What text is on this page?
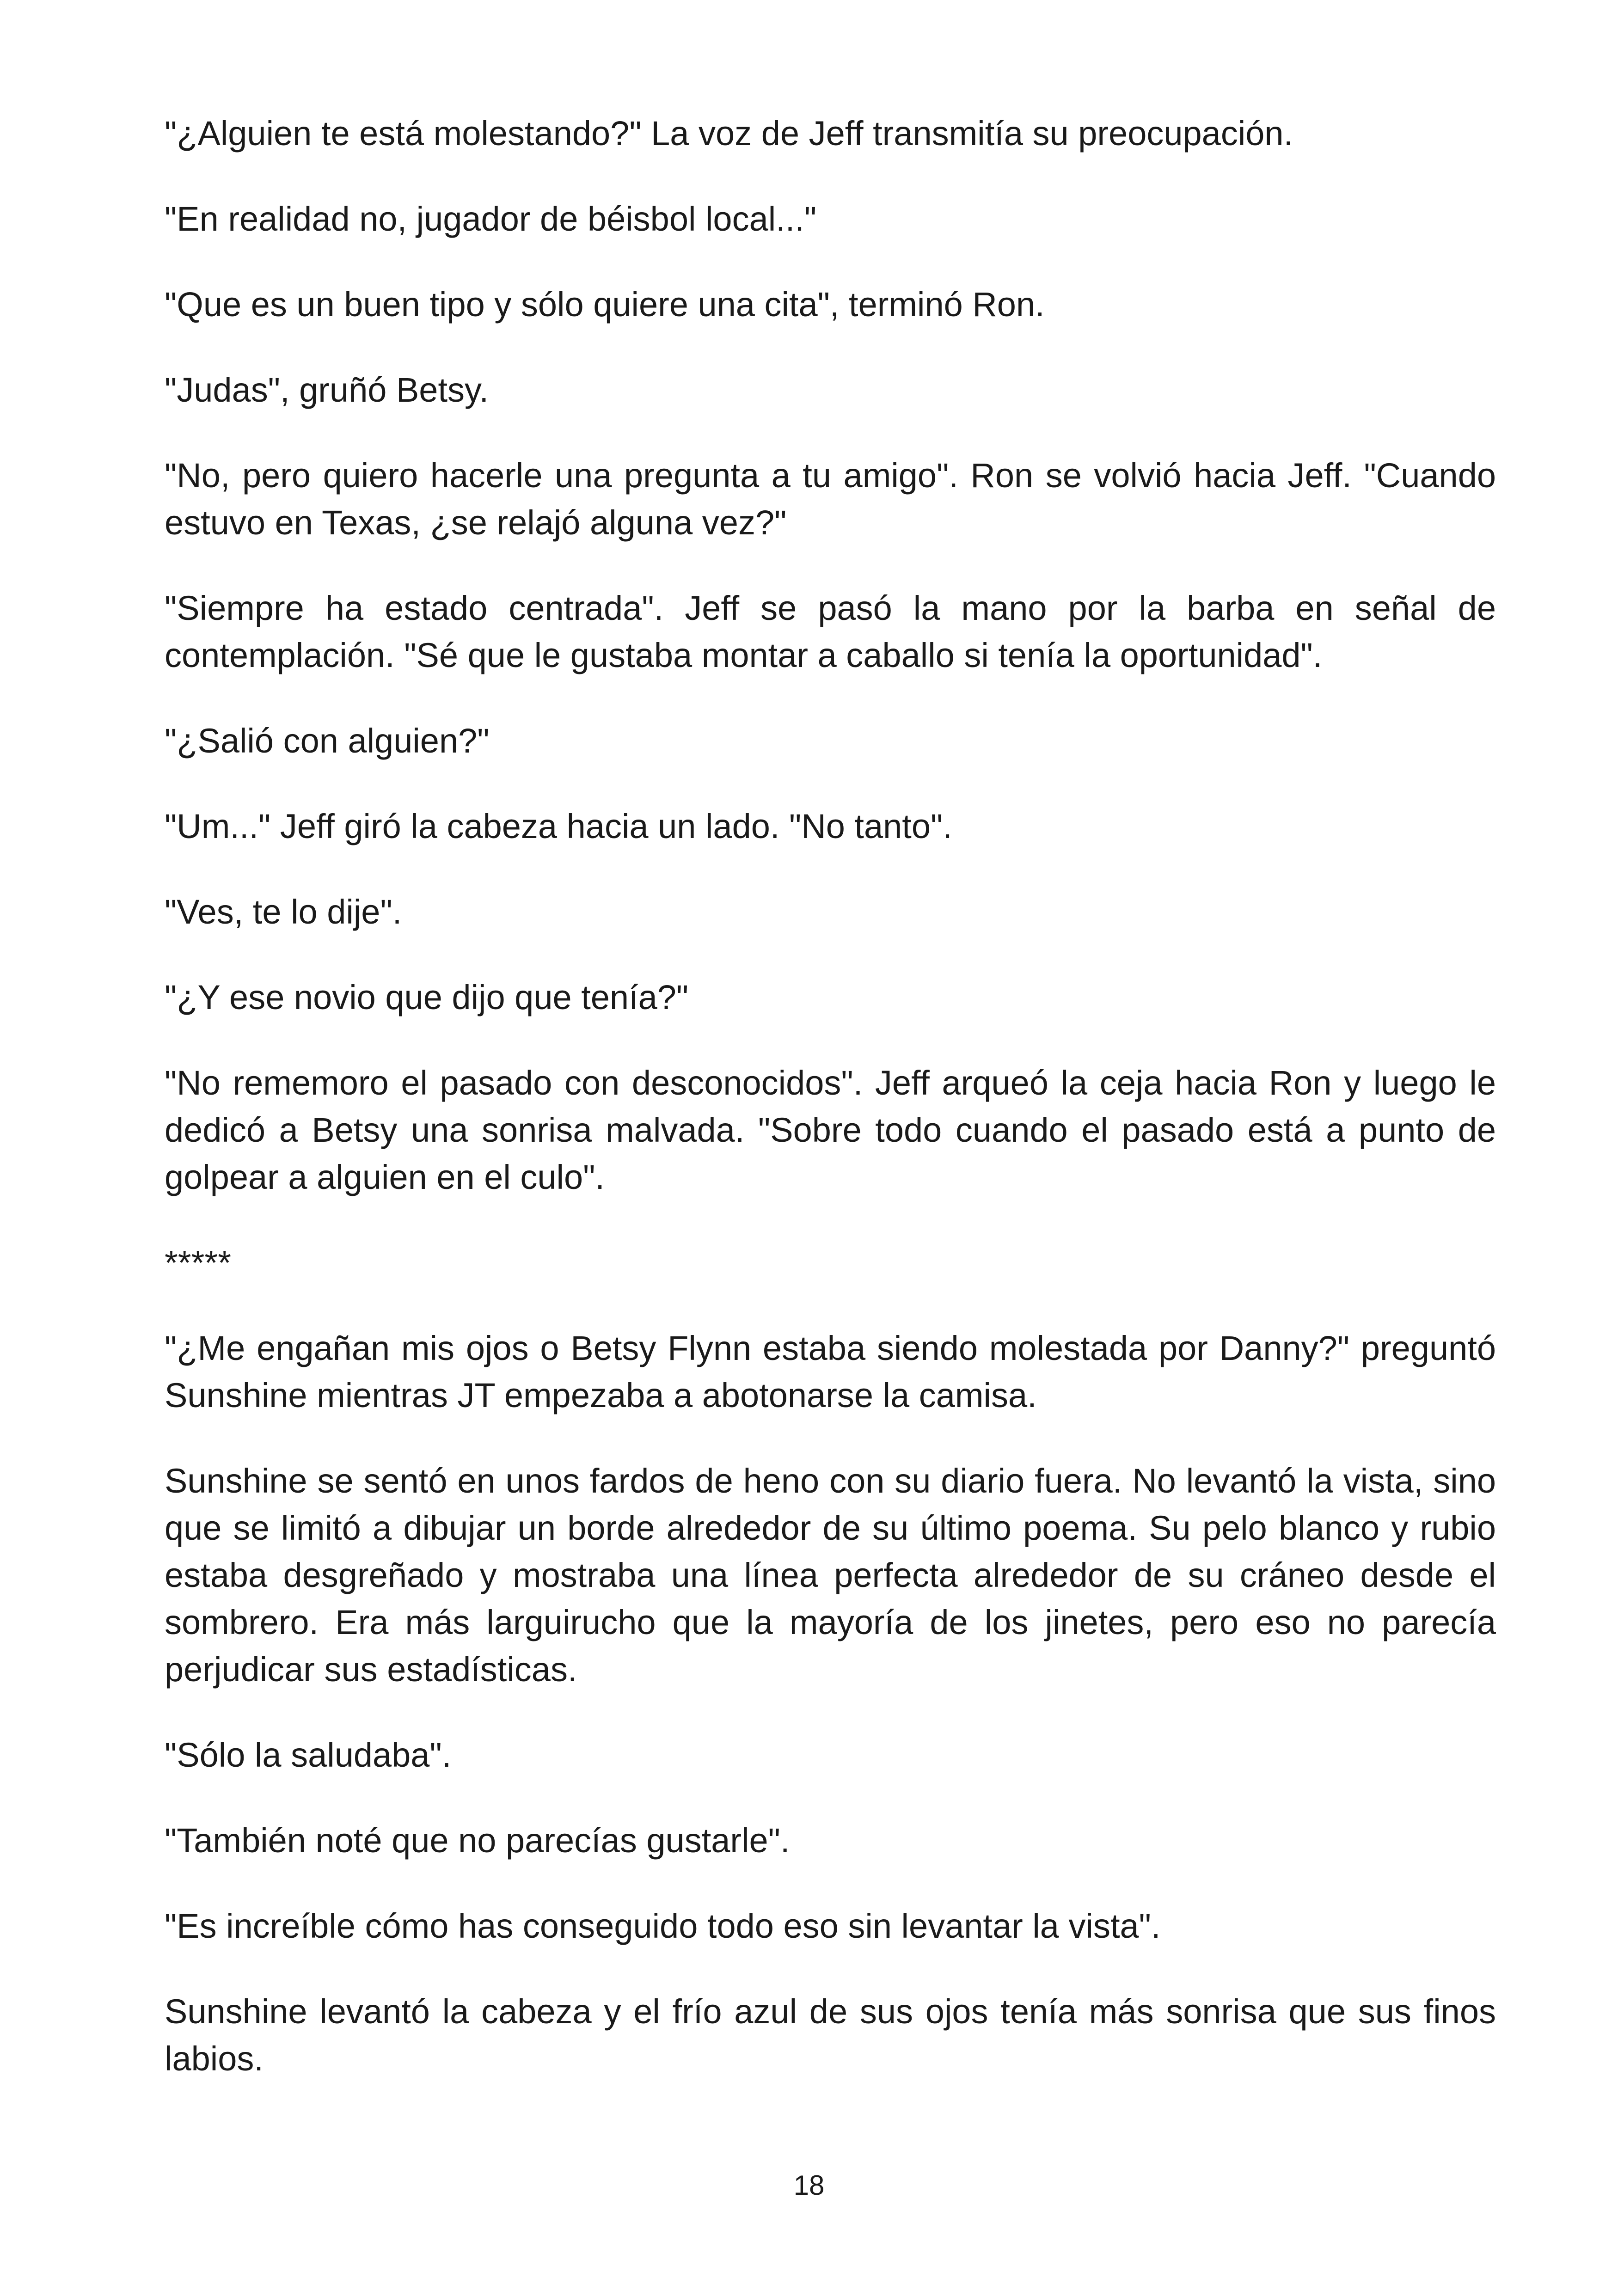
"¿Alguien te está molestando?" La voz de Jeff transmitía su preocupación.

"En realidad no, jugador de béisbol local..."

"Que es un buen tipo y sólo quiere una cita", terminó Ron.

"Judas", gruñó Betsy.

"No, pero quiero hacerle una pregunta a tu amigo". Ron se volvió hacia Jeff. "Cuando estuvo en Texas, ¿se relajó alguna vez?"

"Siempre ha estado centrada". Jeff se pasó la mano por la barba en señal de contemplación. "Sé que le gustaba montar a caballo si tenía la oportunidad".

"¿Salió con alguien?"

"Um..." Jeff giró la cabeza hacia un lado. "No tanto".

"Ves, te lo dije".

"¿Y ese novio que dijo que tenía?"

"No rememoro el pasado con desconocidos". Jeff arqueó la ceja hacia Ron y luego le dedicó a Betsy una sonrisa malvada. "Sobre todo cuando el pasado está a punto de golpear a alguien en el culo".

*****

"¿Me engañan mis ojos o Betsy Flynn estaba siendo molestada por Danny?" preguntó Sunshine mientras JT empezaba a abotonarse la camisa.

Sunshine se sentó en unos fardos de heno con su diario fuera. No levantó la vista, sino que se limitó a dibujar un borde alrededor de su último poema. Su pelo blanco y rubio estaba desgreñado y mostraba una línea perfecta alrededor de su cráneo desde el sombrero. Era más larguirucho que la mayoría de los jinetes, pero eso no parecía perjudicar sus estadísticas.

"Sólo la saludaba".

"También noté que no parecías gustarle".

"Es increíble cómo has conseguido todo eso sin levantar la vista".

Sunshine levantó la cabeza y el frío azul de sus ojos tenía más sonrisa que sus finos labios.

18
